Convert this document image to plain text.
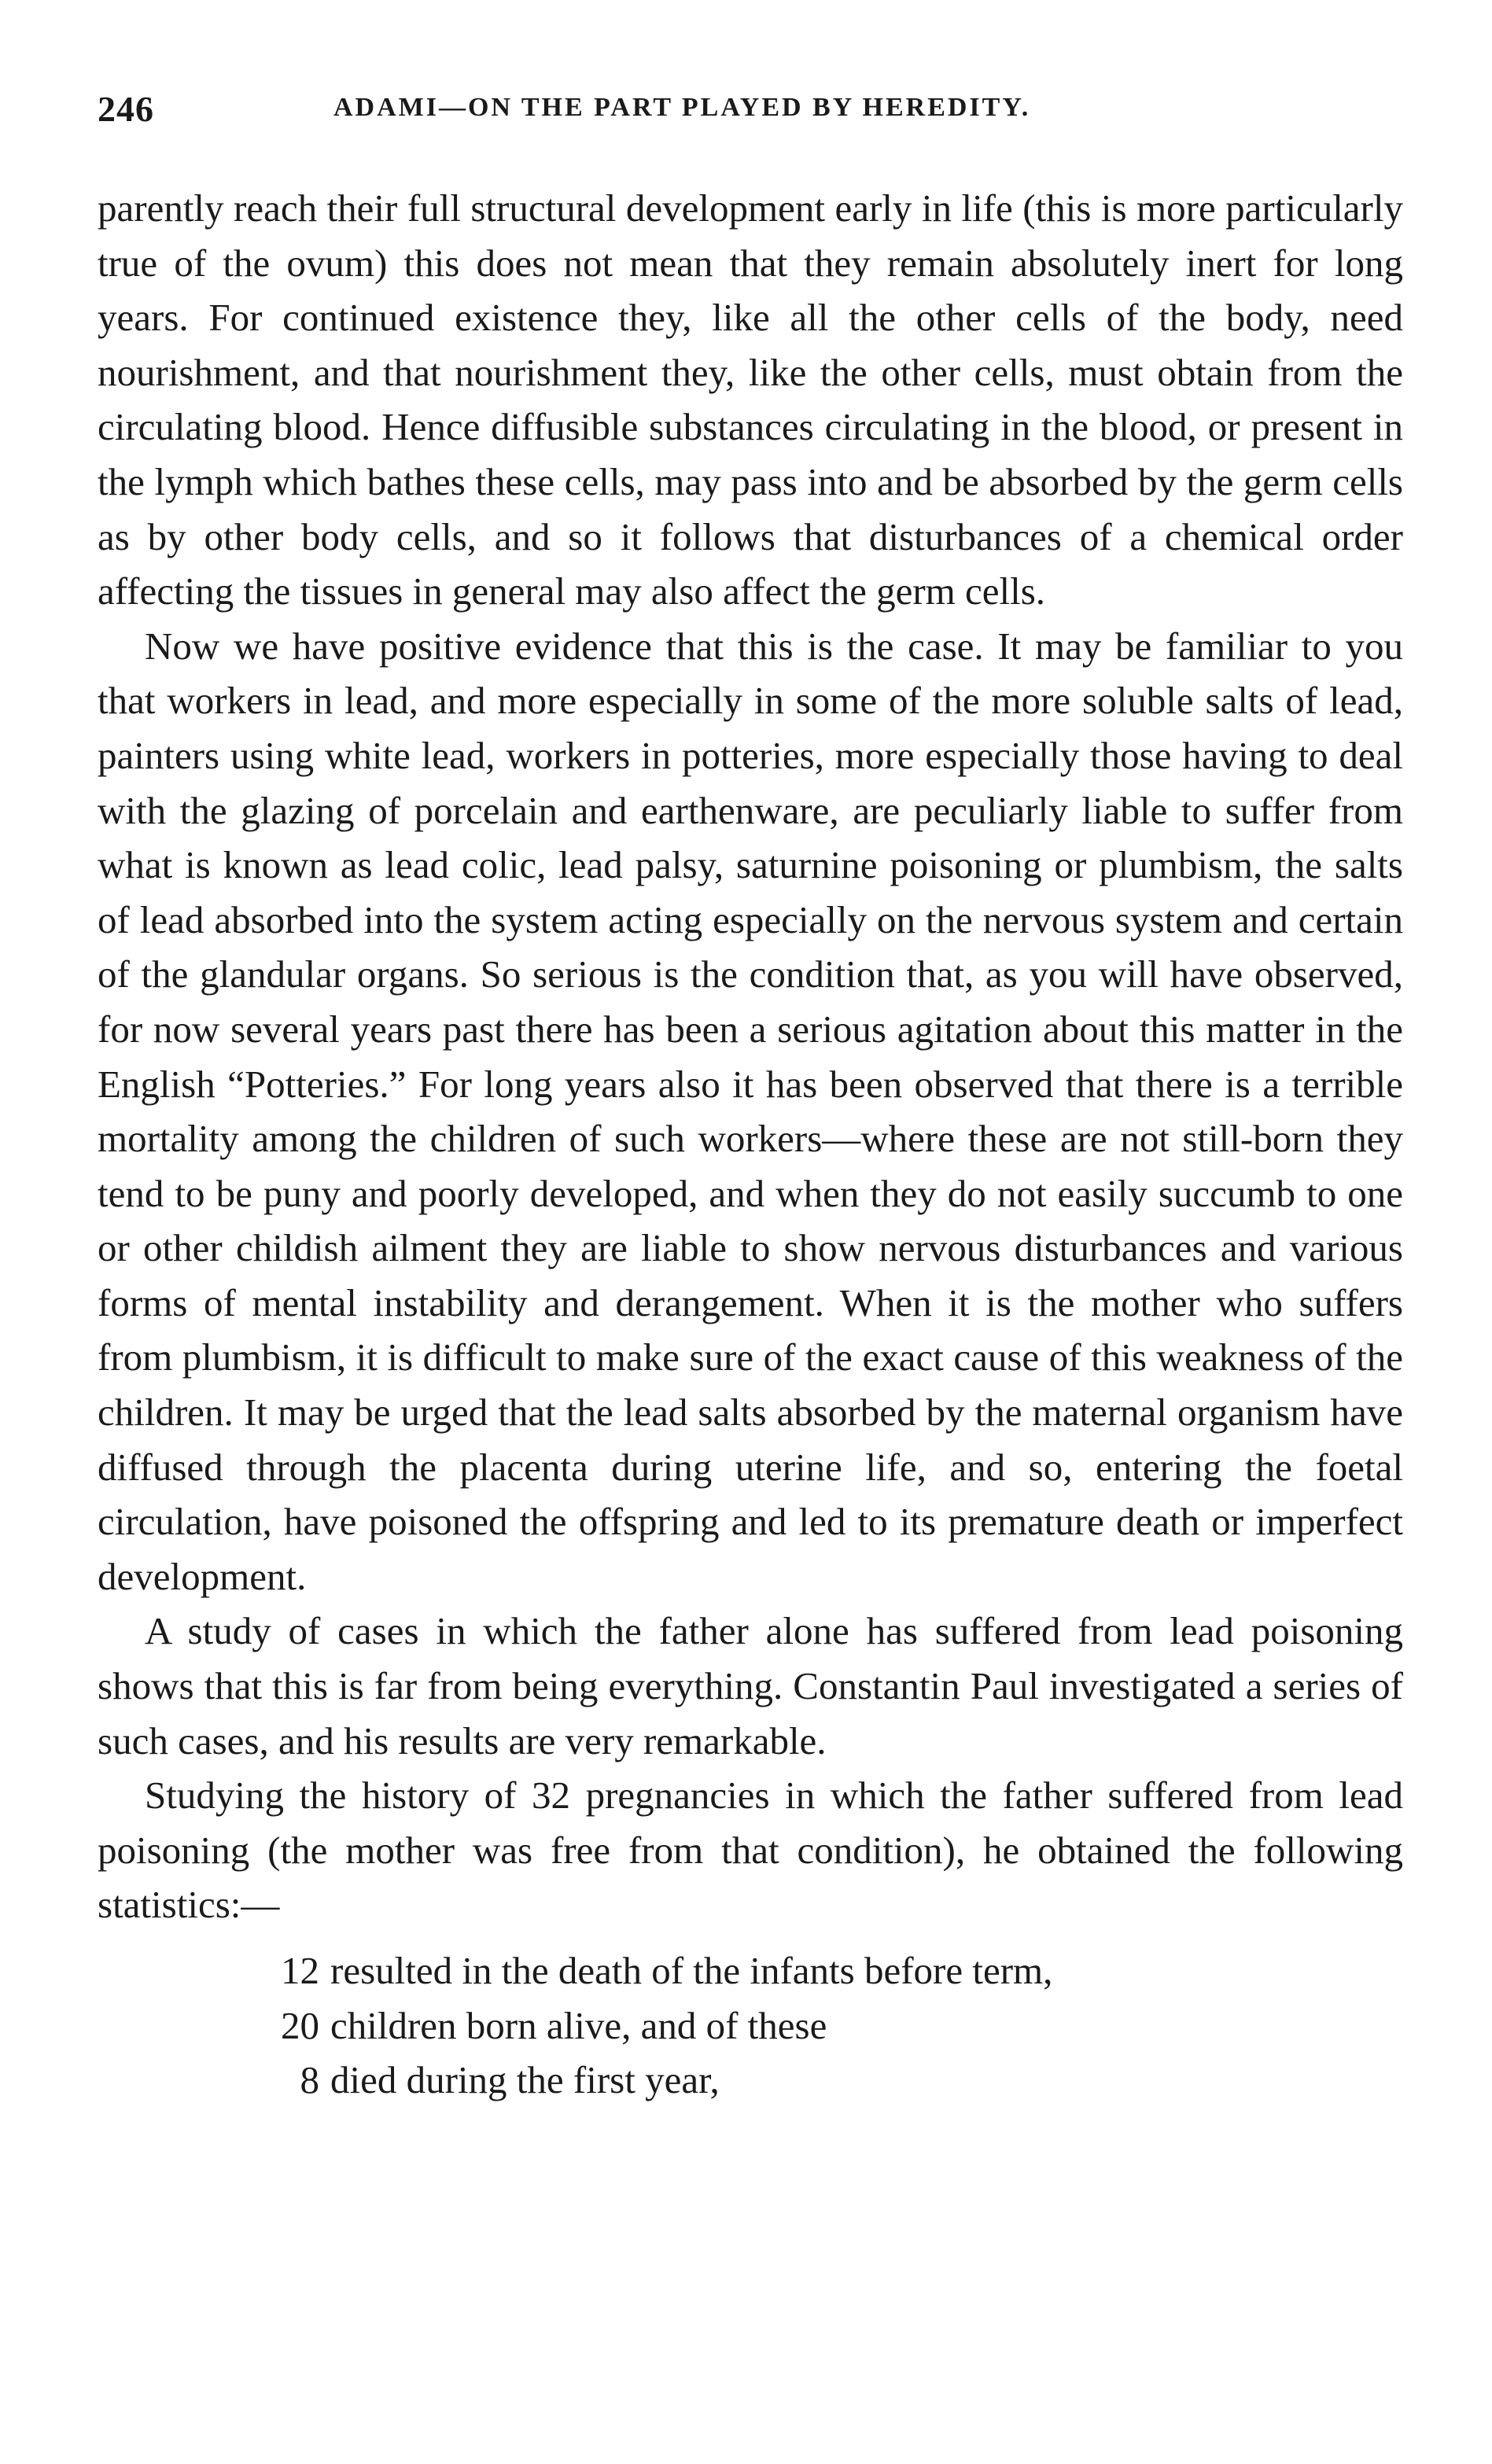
246	ADAMI—ON THE PART PLAYED BY HEREDITY.

parently reach their full structural development early in life (this is more particularly true of the ovum) this does not mean that they remain absolutely inert for long years. For continued existence they, like all the other cells of the body, need nourishment, and that nourishment they, like the other cells, must obtain from the circulating blood. Hence diffusible substances circulating in the blood, or present in the lymph which bathes these cells, may pass into and be absorbed by the germ cells as by other body cells, and so it follows that disturbances of a chemical order affecting the tissues in general may also affect the germ cells.

Now we have positive evidence that this is the case. It may be familiar to you that workers in lead, and more especially in some of the more soluble salts of lead, painters using white lead, workers in potteries, more especially those having to deal with the glazing of porcelain and earthenware, are peculiarly liable to suffer from what is known as lead colic, lead palsy, saturnine poisoning or plumbism, the salts of lead absorbed into the system acting especially on the nervous system and certain of the glandular organs. So serious is the condition that, as you will have observed, for now several years past there has been a serious agitation about this matter in the English “Potteries.” For long years also it has been observed that there is a terrible mortality among the children of such workers—where these are not still-born they tend to be puny and poorly developed, and when they do not easily succumb to one or other childish ailment they are liable to show nervous disturbances and various forms of mental instability and derangement. When it is the mother who suffers from plumbism, it is difficult to make sure of the exact cause of this weakness of the children. It may be urged that the lead salts absorbed by the maternal organism have diffused through the placenta during uterine life, and so, entering the foetal circulation, have poisoned the offspring and led to its premature death or imperfect development.

A study of cases in which the father alone has suffered from lead poisoning shows that this is far from being everything. Constantin Paul investigated a series of such cases, and his results are very remarkable.

Studying the history of 32 pregnancies in which the father suffered from lead poisoning (the mother was free from that condition), he obtained the following statistics:—

12 resulted in the death of the infants before term,
20 children born alive, and of these
8 died during the first year,
